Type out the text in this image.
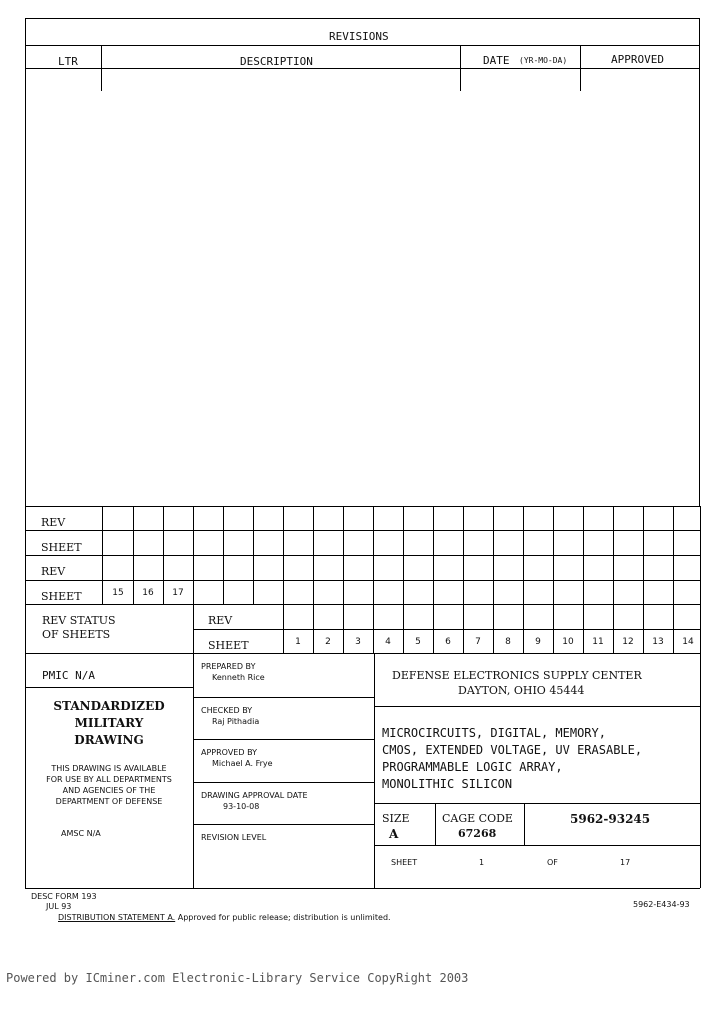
REVISIONS
LTR	DESCRIPTION	DATE (YR-MO-DA)	APPROVED
REV
SHEET
REV
SHEET	15	16	17
REV STATUS
OF SHEETS
REV
SHEET	1	2	3	4	5	6	7	8	9	10	11	12	13	14
PMIC N/A
STANDARDIZED
MILITARY
DRAWING
THIS DRAWING IS AVAILABLE
FOR USE BY ALL DEPARTMENTS
AND AGENCIES OF THE
DEPARTMENT OF DEFENSE
AMSC N/A
PREPARED BY
Kenneth Rice
CHECKED BY
Raj Pithadia
APPROVED BY
Michael A. Frye
DRAWING APPROVAL DATE
93-10-08
REVISION LEVEL
DEFENSE ELECTRONICS SUPPLY CENTER
DAYTON, OHIO 45444
MICROCIRCUITS, DIGITAL, MEMORY,
CMOS, EXTENDED VOLTAGE, UV ERASABLE,
PROGRAMMABLE LOGIC ARRAY,
MONOLITHIC SILICON
SIZE
A
CAGE CODE
67268
5962-93245
SHEET	1	OF	17
DESC FORM 193
JUL 93	5962-E434-93
DISTRIBUTION STATEMENT A. Approved for public release; distribution is unlimited.
Powered by ICminer.com Electronic-Library Service CopyRight 2003
